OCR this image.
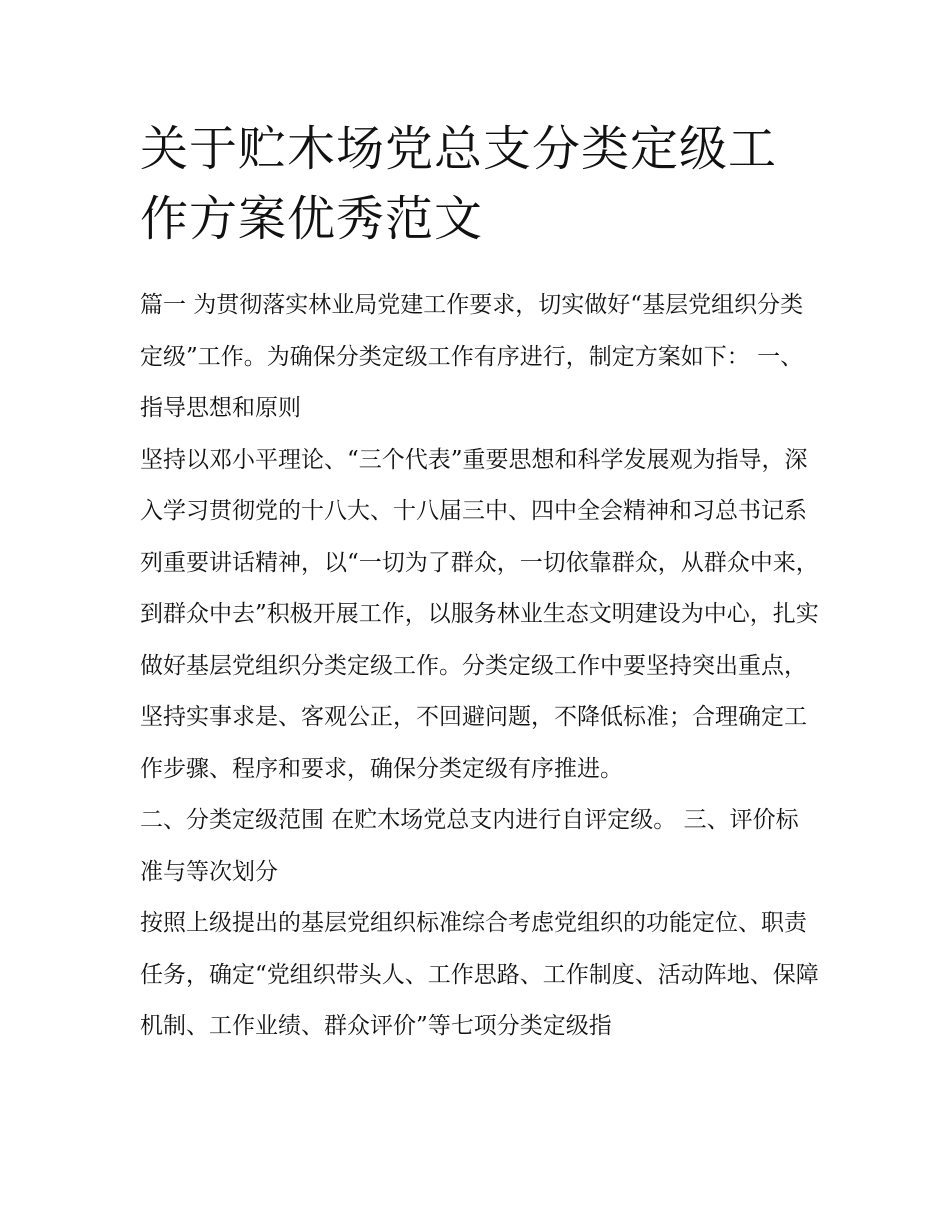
关于贮木场党总支分类定级工作方案优秀范文

篇一 为贯彻落实林业局党建工作要求，切实做好“基层党组织分类定级”工作。为确保分类定级工作有序进行，制定方案如下： 一、指导思想和原则

坚持以邓小平理论、“三个代表”重要思想和科学发展观为指导，深入学习贯彻党的十八大、十八届三中、四中全会精神和习总书记系列重要讲话精神，以“一切为了群众，一切依靠群众，从群众中来，到群众中去”积极开展工作，以服务林业生态文明建设为中心，扎实做好基层党组织分类定级工作。分类定级工作中要坚持突出重点，坚持实事求是、客观公正，不回避问题，不降低标准；合理确定工作步骤、程序和要求，确保分类定级有序推进。

二、分类定级范围 在贮木场党总支内进行自评定级。 三、评价标准与等次划分

按照上级提出的基层党组织标准综合考虑党组织的功能定位、职责任务，确定“党组织带头人、工作思路、工作制度、活动阵地、保障机制、工作业绩、群众评价”等七项分类定级指
